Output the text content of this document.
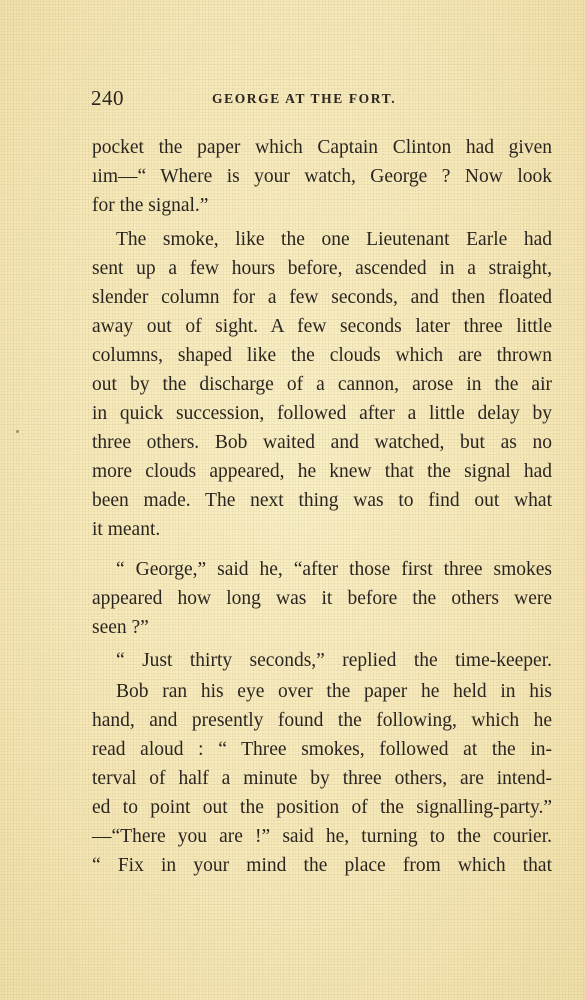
240	GEORGE AT THE FORT.
pocket the paper which Captain Clinton had given
ıim—“ Where is your watch, George ? Now look
for the signal.”
The smoke, like the one Lieutenant Earle had
sent up a few hours before, ascended in a straight,
slender column for a few seconds, and then floated
away out of sight. A few seconds later three little
columns, shaped like the clouds which are thrown
out by the discharge of a cannon, arose in the air
in quick succession, followed after a little delay by
three others. Bob waited and watched, but as no
more clouds appeared, he knew that the signal had
been made. The next thing was to find out what
it meant.
“ George,” said he, “after those first three smokes
appeared how long was it before the others were
seen ?”
“ Just thirty seconds,” replied the time-keeper.
Bob ran his eye over the paper he held in his
hand, and presently found the following, which he
read aloud : “ Three smokes, followed at the in-
terval of half a minute by three others, are intend-
ed to point out the position of the signalling-party.”
—“There you are !” said he, turning to the courier.
“ Fix in your mind the place from which that
